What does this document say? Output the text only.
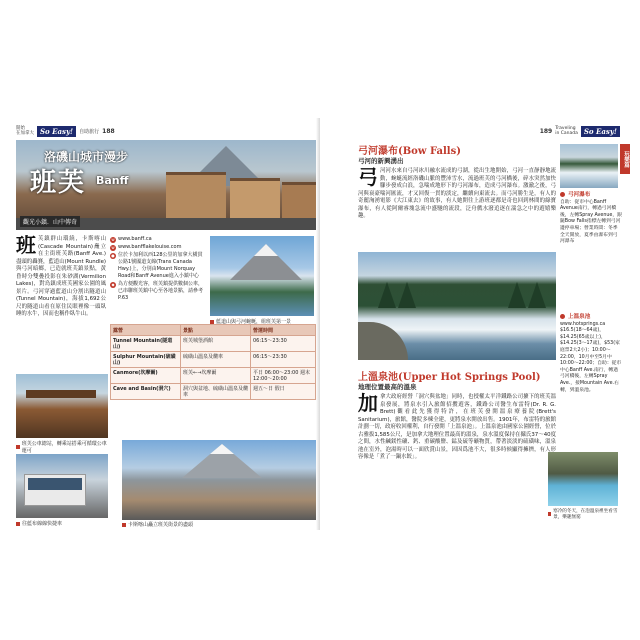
開始
在加拿大 So Easy!	自助旅行 188
洛磯山城市漫步
班芙 Banff
觀光小鎮．山中傳奇
班 芙鎮群山環繞，卡斯喀山(Cascade Mountain)矗立在主街班芙路(Banff Ave.)盡頭的轟賽，藍道山(Mount Rundle)與弓河暗鄉，已造就班芙鎮景點，黃昏時分雙疊投影在朱砂湖(Vermilion Lakes)，對鳥鎮成班芙國家公園的風景片。弓河穿過藍道山分割出隧道山(Tunnel Mountain)，海拔1,692公尺的隧道山看在原住民眼裡像一頭臥睡的水牛，因而也稱作臥牛山。
w www.banff.ca
w www.banfflakelouise.com
● 位於卡加利以西128公里的加拿大橫貫公路1號國道支線(Trans Canada Hwy.)上，分別由Mount Norquay Road和Banff Avenue進入小鎮中心
◆ 為方便觀光客，班芙鎮提供數個公車，已串聯班芙鎮中心至各地景點，請參考P.63
藍道山與弓河蜿蜒，組班芙第一景
露營	景點	營運時間
Tunnel Mountain(隧道山)	班芙城堡酒館	06:15～23:30
Sulphur Mountain(硫磺山)	硫磺山溫泉及纜車	06:15～23:30
Canmore(坎摩爾)	班芙←→坎摩爾	平日 06:00～23:00 週末 12:00～20:00
Cave and Basin(洞穴)	洞穴與盆地、硫磺山溫泉及纜車	週五～日 假日
班芙公車總站，轉乘站搭乘可循環公車運可
往藍布線線快捷車	卡斯喀山矗立班芙街景的盡頭
189 Traveling
in Canada So Easy!
玩樂篇
弓河瀑布(Bow Falls)
弓河的新興湧出
弓 河河水來自弓河冰川融水流成的弓湖，從出生地開始，弓河一直靜靜地流動，蜿蜒流經洛磯山脈的豐沛雪水，流過班芙的弓河橋後，碎水突然加快腳步發成白浪，急喘成地形下的弓河瀑布，造成弓河瀑布。激澈之後，弓河與衰豪喘河匯流，才又回復一貫的淡定，繼續向東流去。而弓河勝生是，有人的奇麗洶湧電影《大江東去》的故事，有人她開往上游班逐都是奇也回到林間的綠寶瀑布，有人從阿爾睿塊急流中盛馳的流段，泛舟戲水潑追逐在湍急之中的遊嬉樂趣。
上溫泉池(Upper Hot Springs Pool)
地理位置最高的溫泉
加 拿大政府經營「洞穴與盆地」同時，也授權太平洋鐵路公司擴下的班芙溫泉發展，將泉水引入旅館招攬遊客，鐵路公司醫生布雷特(Dr. R. G. Brett)觀看此先獲得特許，在班芙發開溫泉療養院(Brett's Sanitarium)，旅館，醫院多棟全建，更將泉水開放出售。1901年，布雷特的旅館計劃一切，政府收回權利，自行發開「上溫泉池」。上溫泉池由國家公園經營，位於古雅拔1,585公尺，是加拿大地理位置最高的溫泉，泉水溫度保持在攝氏37～40度之間，水性鹹鎂性礦、鈣、重碳酸鹽、錳及硫等礦物質，帶著淡淡的硫磺味，溫泉池在室外，泡湯時可以一面欣賞山景，因因爲池不大，很多時候顯得擁擠，有人形容像是「煮了一鍋水餃」。
寒冷的冬天，在泡溫泉裡坐看雪景，樂趣無窮
弓河瀑布
自助：從市中心Banff Avenue南行，轉過弓河橋後，左轉Spray Avenue，跟隨Bow Falls指標左轉到弓河邊停車場；營業時間：冬季全天開放，夏季由瀑布到弓河瀑布
上溫泉池
www.hotsprings.ca
$16.5(18～64歲)，$14.25(65歲以上)，$14.25(3～17歲)，$53(家庭票2大2小)；10:00～22:00，10月中至5月中10:00～22:00；自助：從市中心Banff Ave.南行，轉過弓河橋後，左轉Spray Ave.，接Mountain Ave.右轉，到溫泉池。
